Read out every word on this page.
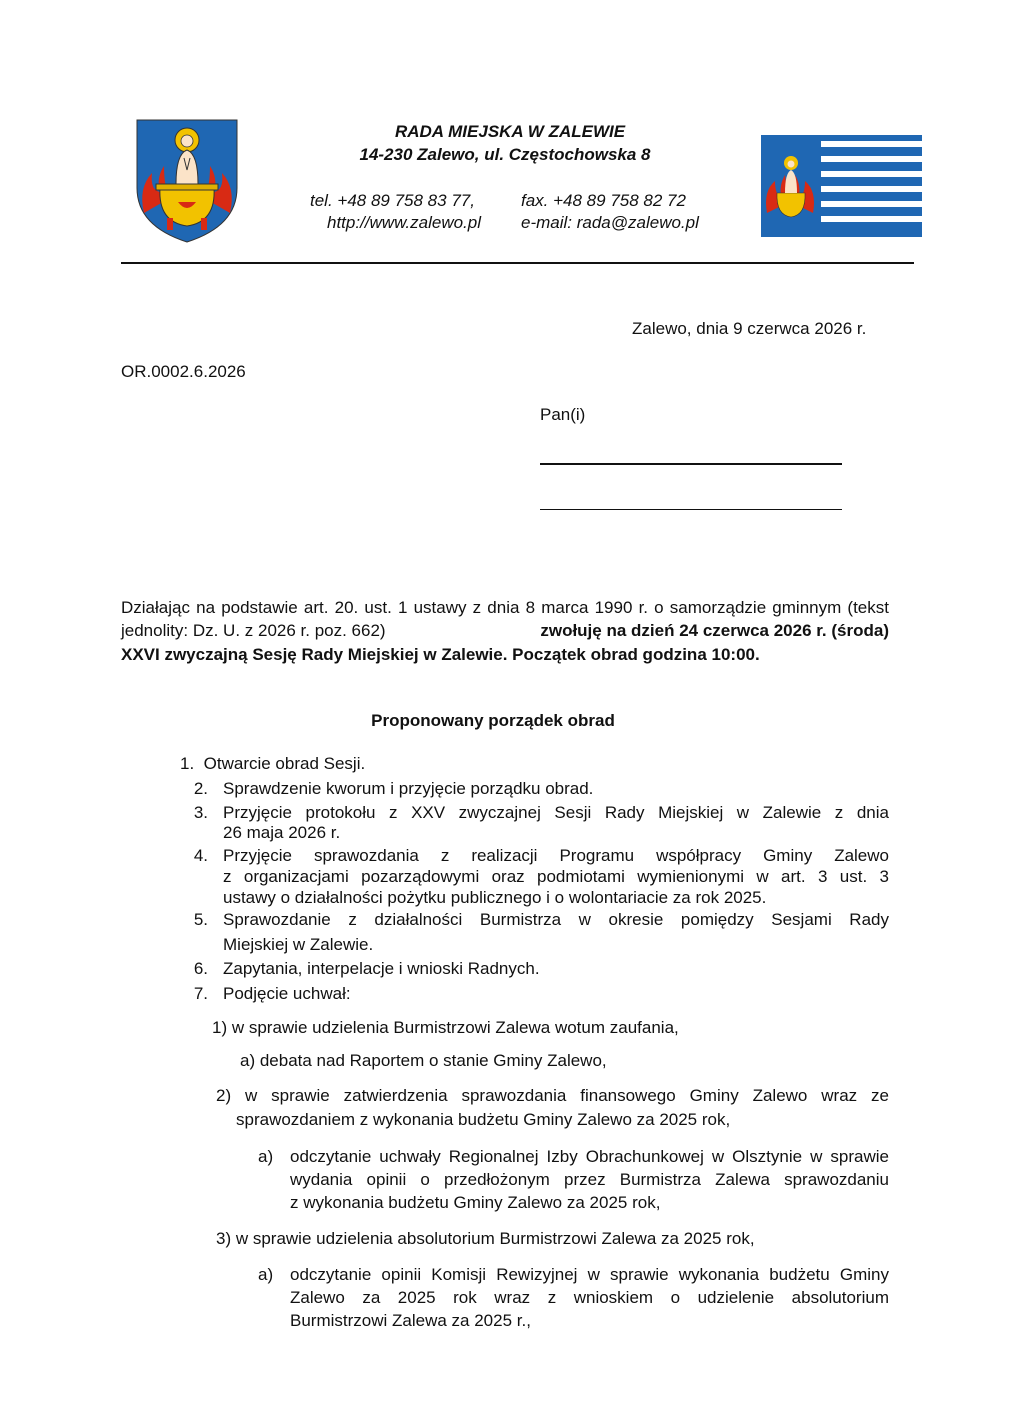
RADA MIEJSKA W ZALEWIE
14-230 Zalewo, ul. Częstochowska 8
tel. +48 89 758 83 77,	fax. +48 89 758 82 72
http://www.zalewo.pl e-mail: rada@zalewo.pl
Zalewo, dnia 9 czerwca 2026 r.
OR.0002.6.2026
Pan(i)
Działając na podstawie art. 20. ust. 1 ustawy z dnia 8 marca 1990 r. o samorządzie gminnym (tekst
jednolity: Dz. U. z 2026 r. poz. 662)	zwołuję na dzień 24 czerwca 2026 r. (środa)
XXVI zwyczajną Sesję Rady Miejskiej w Zalewie. Początek obrad godzina 10:00.
Proponowany porządek obrad
1. Otwarcie obrad Sesji.
2. Sprawdzenie kworum i przyjęcie porządku obrad.
3. Przyjęcie protokołu z XXV zwyczajnej Sesji Rady Miejskiej w Zalewie z dnia
26 maja 2026 r.
4. Przyjęcie sprawozdania z realizacji Programu współpracy Gminy Zalewo
z organizacjami pozarządowymi oraz podmiotami wymienionymi w art. 3 ust. 3
ustawy o działalności pożytku publicznego i o wolontariacie za rok 2025.
5. Sprawozdanie z działalności Burmistrza w okresie pomiędzy Sesjami Rady
Miejskiej w Zalewie.
6. Zapytania, interpelacje i wnioski Radnych.
7. Podjęcie uchwał:
1) w sprawie udzielenia Burmistrzowi Zalewa wotum zaufania,
a) debata nad Raportem o stanie Gminy Zalewo,
2) w sprawie zatwierdzenia sprawozdania finansowego Gminy Zalewo wraz ze
sprawozdaniem z wykonania budżetu Gminy Zalewo za 2025 rok,
a) odczytanie uchwały Regionalnej Izby Obrachunkowej w Olsztynie w sprawie
wydania opinii o przedłożonym przez Burmistrza Zalewa sprawozdaniu
z wykonania budżetu Gminy Zalewo za 2025 rok,
3) w sprawie udzielenia absolutorium Burmistrzowi Zalewa za 2025 rok,
a) odczytanie opinii Komisji Rewizyjnej w sprawie wykonania budżetu Gminy
Zalewo za 2025 rok wraz z wnioskiem o udzielenie absolutorium
Burmistrzowi Zalewa za 2025 r.,
